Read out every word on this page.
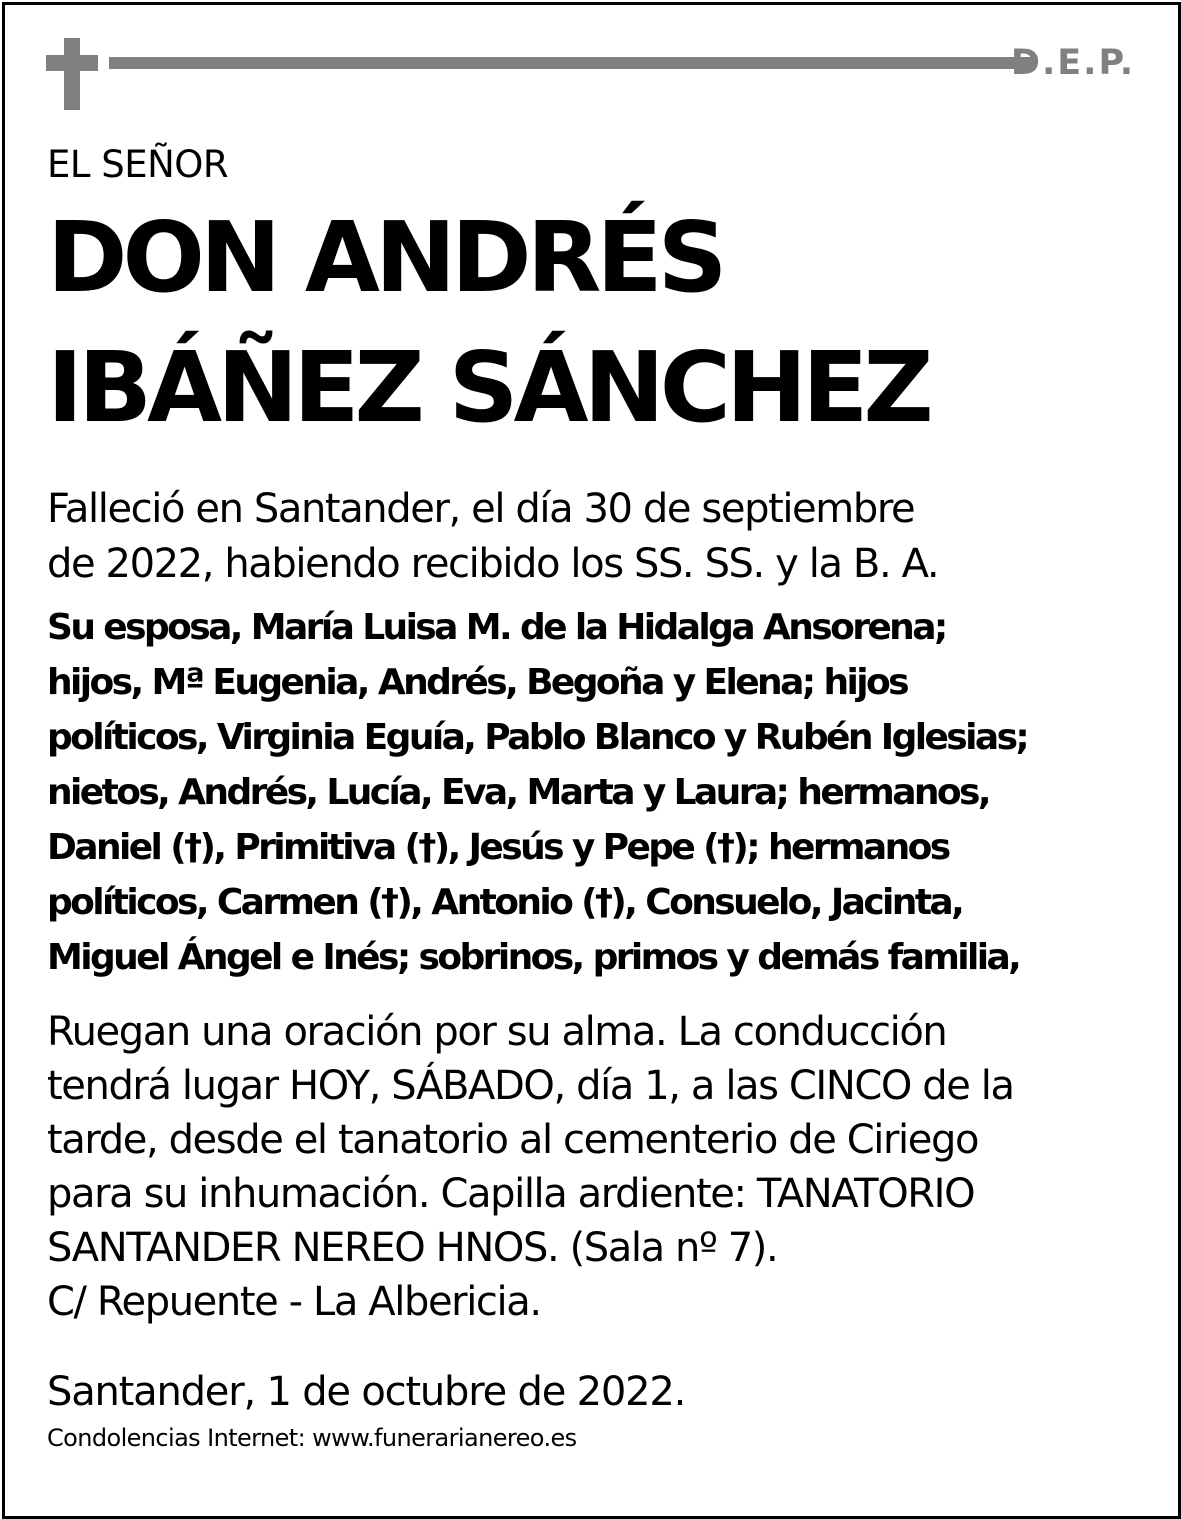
D.E.P.
EL SEÑOR
DON ANDRÉS
IBÁÑEZ SÁNCHEZ
Falleció en Santander, el día 30 de septiembre
de 2022, habiendo recibido los SS. SS. y la B. A.
Su esposa, María Luisa M. de la Hidalga Ansorena;
hijos, Mª Eugenia, Andrés, Begoña y Elena; hijos
políticos, Virginia Eguía, Pablo Blanco y Rubén Iglesias;
nietos, Andrés, Lucía, Eva, Marta y Laura; hermanos,
Daniel (†), Primitiva (†), Jesús y Pepe (†); hermanos
políticos, Carmen (†), Antonio (†), Consuelo, Jacinta,
Miguel Ángel e Inés; sobrinos, primos y demás familia,
Ruegan una oración por su alma. La conducción
tendrá lugar HOY, SÁBADO, día 1, a las CINCO de la
tarde, desde el tanatorio al cementerio de Ciriego
para su inhumación. Capilla ardiente: TANATORIO
SANTANDER NEREO HNOS. (Sala nº 7).
C/ Repuente - La Albericia.
Santander, 1 de octubre de 2022.
Condolencias Internet: www.funerarianereo.es
